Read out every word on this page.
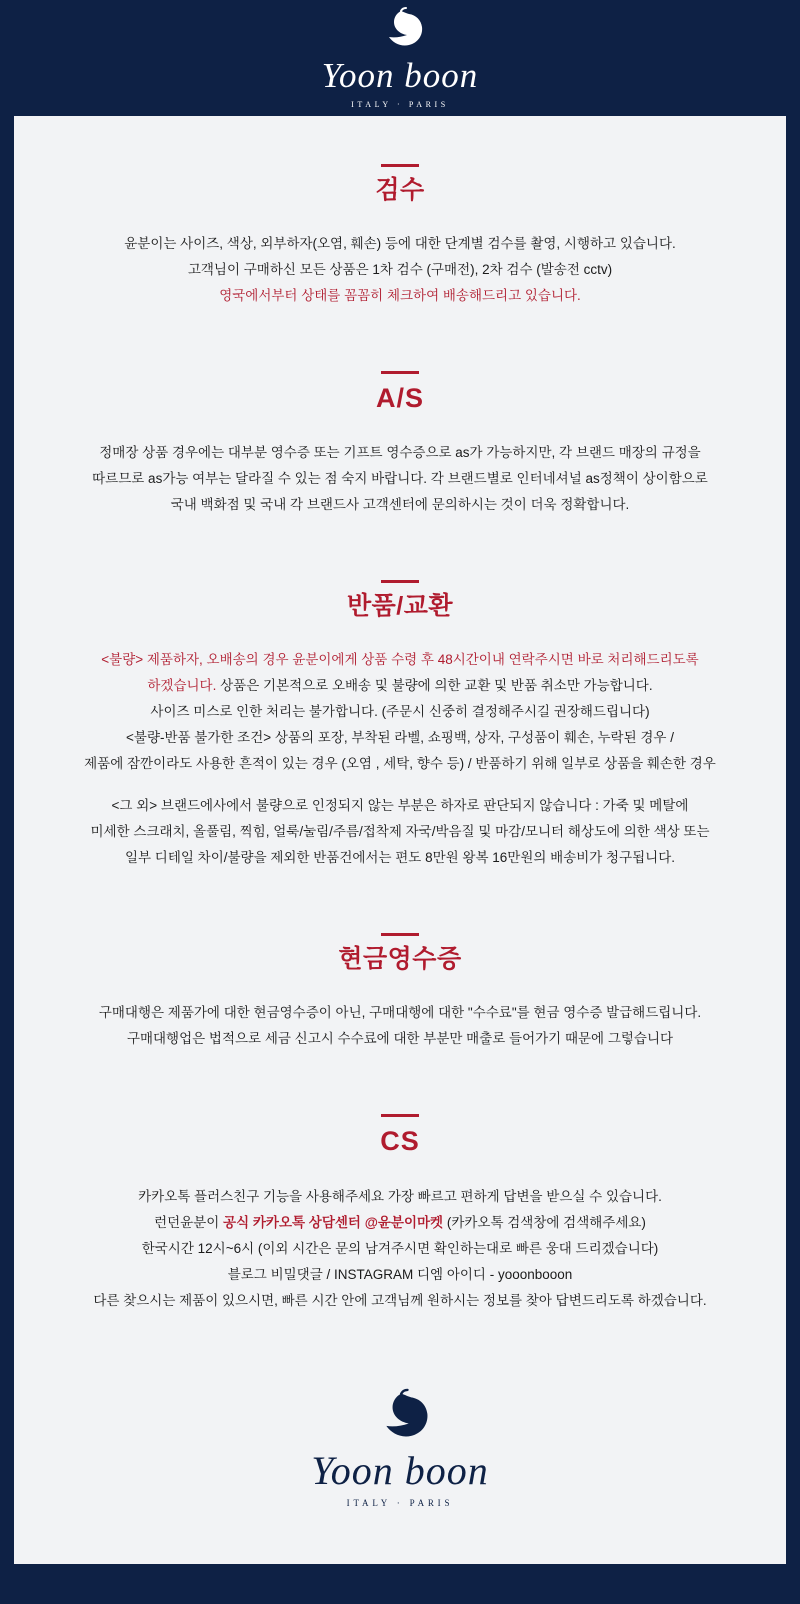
Yoon boon
ITALY · PARIS
검수

윤분이는 사이즈, 색상, 외부하자(오염, 훼손) 등에 대한 단계별 검수를 촬영, 시행하고 있습니다.

고객님이 구매하신 모든 상품은 1차 검수 (구매전), 2차 검수 (발송전 cctv)

영국에서부터 상태를 꼼꼼히 체크하여 배송해드리고 있습니다.

A/S

정매장 상품 경우에는 대부분 영수증 또는 기프트 영수증으로 as가 가능하지만, 각 브랜드 매장의 규정을

따르므로 as가능 여부는 달라질 수 있는 점 숙지 바랍니다. 각 브랜드별로 인터네셔널 as정책이 상이함으로

국내 백화점 및 국내 각 브랜드사 고객센터에 문의하시는 것이 더욱 정확합니다.

반품/교환

<불량> 제품하자, 오배송의 경우 윤분이에게 상품 수령 후 48시간이내 연락주시면 바로 처리해드리도록

하겠습니다. 상품은 기본적으로 오배송 및 불량에 의한 교환 및 반품 취소만 가능합니다.

사이즈 미스로 인한 처리는 불가합니다. (주문시 신중히 결정해주시길 권장해드립니다)

<불량-반품 불가한 조건> 상품의 포장, 부착된 라벨, 쇼핑백, 상자, 구성품이 훼손, 누락된 경우 /

제품에 잠깐이라도 사용한 흔적이 있는 경우 (오염 , 세탁, 향수 등) / 반품하기 위해 일부로 상품을 훼손한 경우

<그 외> 브랜드에사에서 불량으로 인정되지 않는 부분은 하자로 판단되지 않습니다 : 가죽 및 메탈에

미세한 스크래치, 올풀림, 찍힘, 얼룩/눌림/주름/접착제 자국/박음질 및 마감/모니터 해상도에 의한 색상 또는

일부 디테일 차이/불량을 제외한 반품건에서는 편도 8만원 왕복 16만원의 배송비가 청구됩니다.

현금영수증

구매대행은 제품가에 대한 현금영수증이 아닌, 구매대행에 대한 "수수료"를 현금 영수증 발급해드립니다.

구매대행업은 법적으로 세금 신고시 수수료에 대한 부분만 매출로 들어가기 때문에 그렇습니다

CS

카카오톡 플러스친구 기능을 사용해주세요 가장 빠르고 편하게 답변을 받으실 수 있습니다.

런던윤분이 공식 카카오톡 상담센터 @윤분이마켓 (카카오톡 검색창에 검색해주세요)

한국시간 12시~6시 (이외 시간은 문의 남겨주시면 확인하는대로 빠른 웅대 드리겠습니다)

블로그 비밀댓글 / INSTAGRAM 디엠 아이디 - yooonbooon

다른 찾으시는 제품이 있으시면, 빠른 시간 안에 고객님께 원하시는 정보를 찾아 답변드리도록 하겠습니다.

Yoon boon
ITALY · PARIS
